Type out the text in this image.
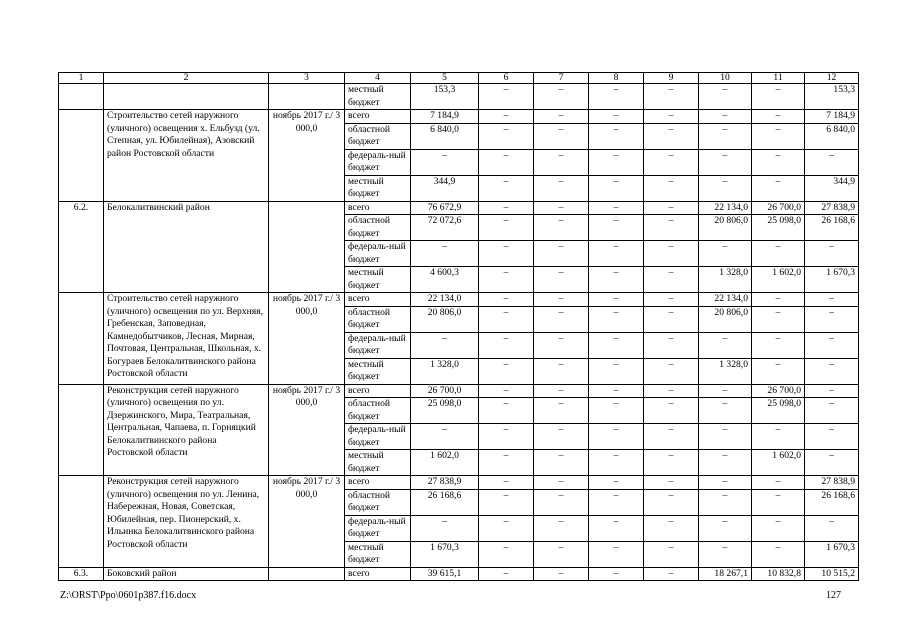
1	2	3	4	5	6	7	8	9	10	11	12
			местный бюджет	153,3	–	–	–	–	–	–	153,3
	Строительство сетей наружного (уличного) освещения х. Ельбузд (ул. Степная, ул. Юбилейная), Азовский район Ростовской области	ноябрь 2017 г./ 3 000,0	всего	7 184,9	–	–	–	–	–	–	7 184,9
			областной бюджет	6 840,0	–	–	–	–	–	–	6 840,0
			федераль-ный бюджет	–	–	–	–	–	–	–	–
			местный бюджет	344,9	–	–	–	–	–	–	344,9
6.2.	Белокалитвинский район		всего	76 672,9	–	–	–	–	22 134,0	26 700,0	27 838,9
			областной бюджет	72 072,6	–	–	–	–	20 806,0	25 098,0	26 168,6
			федераль-ный бюджет	–	–	–	–	–	–	–	–
			местный бюджет	4 600,3	–	–	–	–	1 328,0	1 602,0	1 670,3
	Строительство сетей наружного (уличного) освещения по ул. Верхняя, Гребенская, Заповедная, Камнедобытчиков, Лесная, Мирная, Почтовая, Центральная, Школьная, х. Богураев Белокалитвинского района Ростовской области	ноябрь 2017 г./ 3 000,0	всего	22 134,0	–	–	–	–	22 134,0	–	–
			областной бюджет	20 806,0	–	–	–	–	20 806,0	–	–
			федераль-ный бюджет	–	–	–	–	–	–	–	–
			местный бюджет	1 328,0	–	–	–	–	1 328,0	–	–
	Реконструкция сетей наружного (уличного) освещения по ул. Дзержинского, Мира, Театральная, Центральная, Чапаева, п. Горняцкий Белокалитвинского района Ростовской области	ноябрь 2017 г./ 3 000,0	всего	26 700,0	–	–	–	–	–	26 700,0	–
			областной бюджет	25 098,0	–	–	–	–	–	25 098,0	–
			федераль-ный бюджет	–	–	–	–	–	–	–	–
			местный бюджет	1 602,0	–	–	–	–	–	1 602,0	–
	Реконструкция сетей наружного (уличного) освещения по ул. Ленина, Набережная, Новая, Советская, Юбилейная, пер. Пионерский, х. Ильинка Белокалитвинского района Ростовской области	ноябрь 2017 г./ 3 000,0	всего	27 838,9	–	–	–	–	–	–	27 838,9
			областной бюджет	26 168,6	–	–	–	–	–	–	26 168,6
			федераль-ный бюджет	–	–	–	–	–	–	–	–
			местный бюджет	1 670,3	–	–	–	–	–	–	1 670,3
6.3.	Боковский район		всего	39 615,1	–	–	–	–	18 267,1	10 832,8	10 515,2
Z:\ORST\Ppo\0601p387.f16.docx	127
